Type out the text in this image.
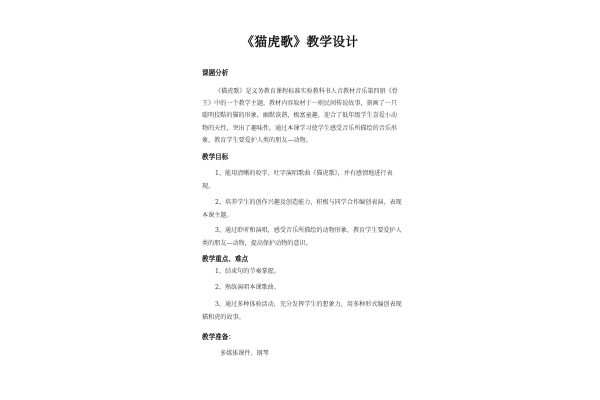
《猫虎歌》教学设计
课题分析

《猫虎歌》是义务教育课程标准实验教科书人音教材音乐第四册《骨王》中的一个教学主题。教材内容取材于一则民间传说故事，刻画了一只聪明狡黠的猫的形象，幽默诙谐，极富童趣，迎合了低年级学生喜爱小动物的天性，突出了趣味性。通过本课学习使学生感受音乐所描绘的音乐形象，教育学生要爱护人类的朋友—动物。

教学目标

1、能用清晰的咬字、吐字演唱歌曲《猫虎歌》，并有感情地进行表现。

2、培养学生的创作兴趣及创造能力，积极与同学合作编创表演，表现本课主题。

3、通过聆听和演唱，感受音乐所描绘的动物形象，教育学生要爱护人类的朋友—动物，提高保护动物的意识。

教学重点、难点

1、结束句的节奏掌握。

2、熟练演唱本课歌曲。

3、通过多种体验活动，充分发挥学生的想象力，用多种形式编创表现猫和虎的故事。

教学准备：
多媒体课件、钢琴
